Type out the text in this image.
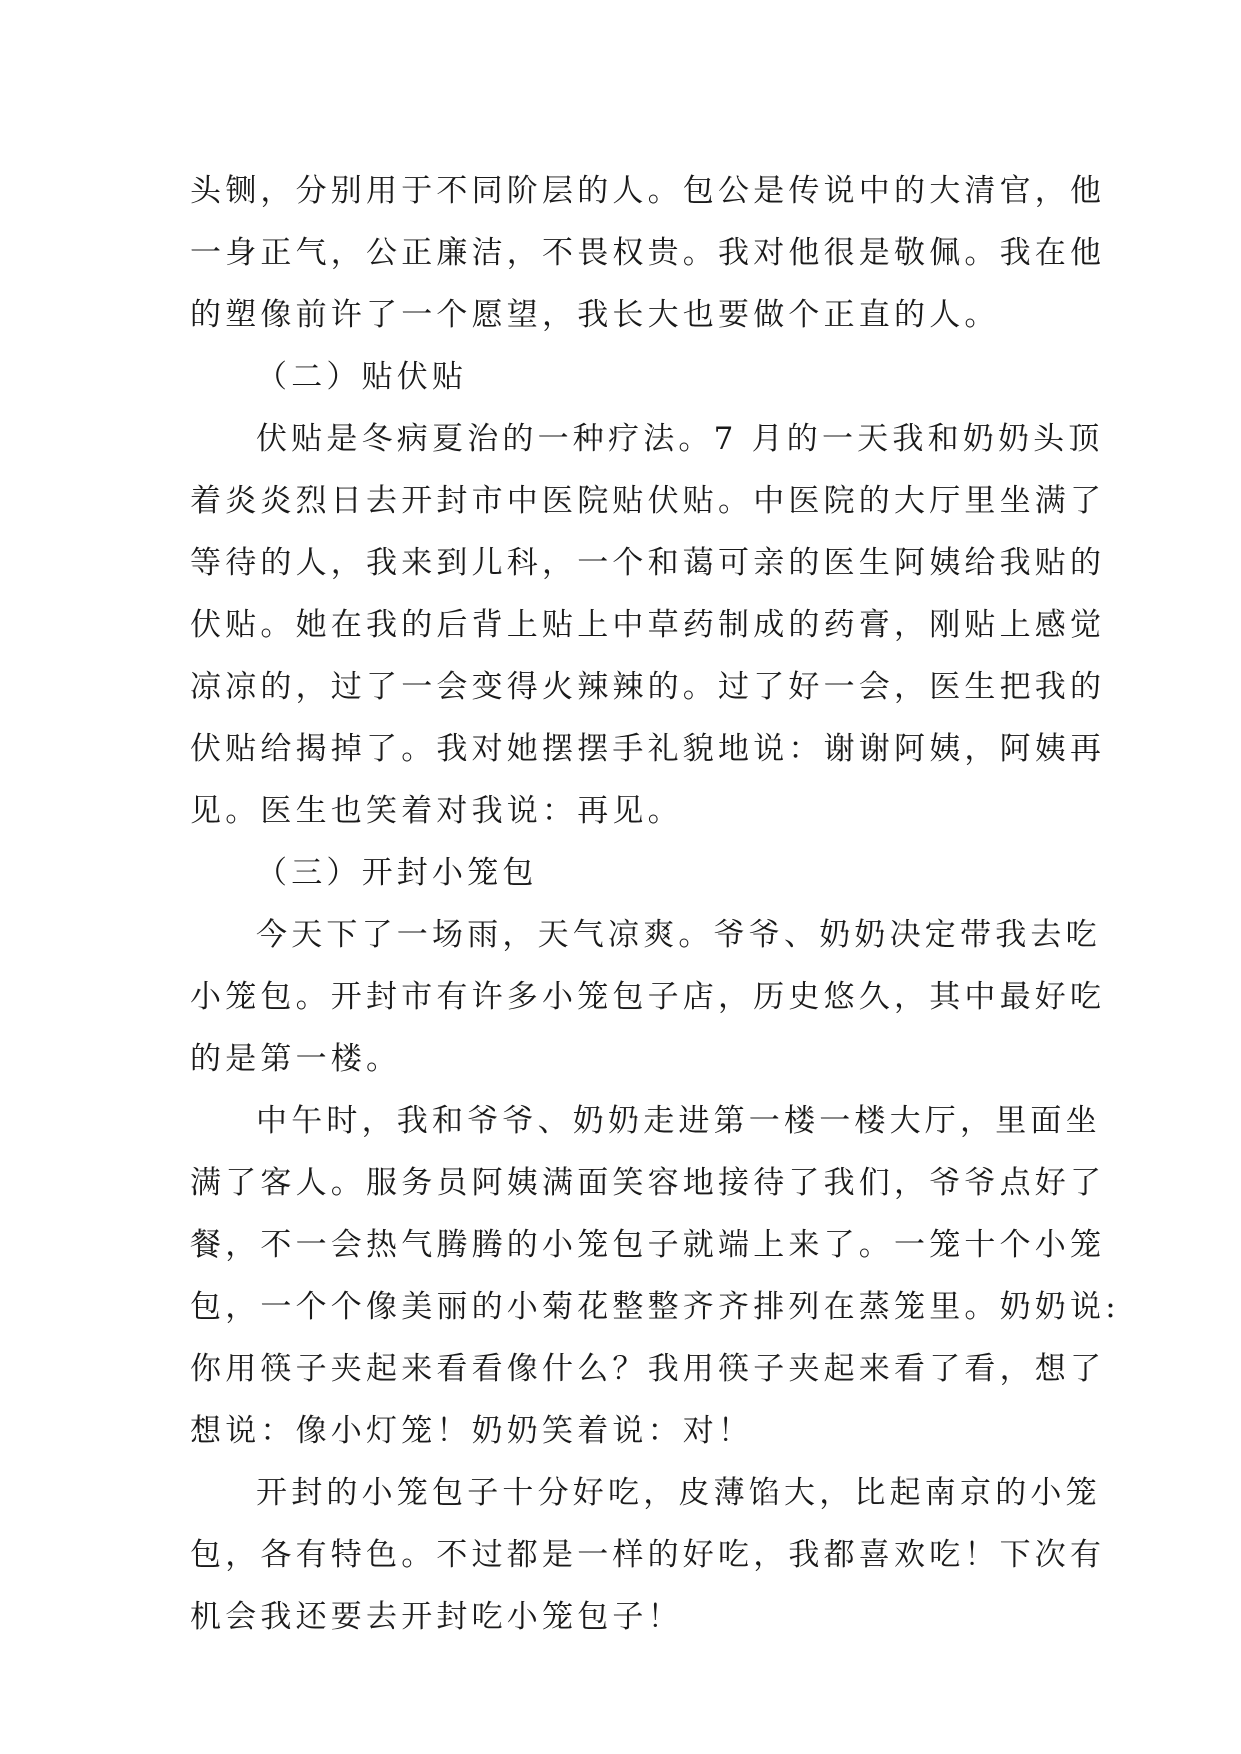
头铡，分别用于不同阶层的人。包公是传说中的大清官，他
一身正气，公正廉洁，不畏权贵。我对他很是敬佩。我在他
的塑像前许了一个愿望，我长大也要做个正直的人。
（二）贴伏贴
伏贴是冬病夏治的一种疗法。7 月的一天我和奶奶头顶
着炎炎烈日去开封市中医院贴伏贴。中医院的大厅里坐满了
等待的人，我来到儿科，一个和蔼可亲的医生阿姨给我贴的
伏贴。她在我的后背上贴上中草药制成的药膏，刚贴上感觉
凉凉的，过了一会变得火辣辣的。过了好一会，医生把我的
伏贴给揭掉了。我对她摆摆手礼貌地说：谢谢阿姨，阿姨再
见。医生也笑着对我说：再见。
（三）开封小笼包
今天下了一场雨，天气凉爽。爷爷、奶奶决定带我去吃
小笼包。开封市有许多小笼包子店，历史悠久，其中最好吃
的是第一楼。
中午时，我和爷爷、奶奶走进第一楼一楼大厅，里面坐
满了客人。服务员阿姨满面笑容地接待了我们，爷爷点好了
餐，不一会热气腾腾的小笼包子就端上来了。一笼十个小笼
包，一个个像美丽的小菊花整整齐齐排列在蒸笼里。奶奶说:
你用筷子夹起来看看像什么？我用筷子夹起来看了看，想了
想说：像小灯笼！奶奶笑着说：对！
开封的小笼包子十分好吃，皮薄馅大，比起南京的小笼
包，各有特色。不过都是一样的好吃，我都喜欢吃！下次有
机会我还要去开封吃小笼包子！
